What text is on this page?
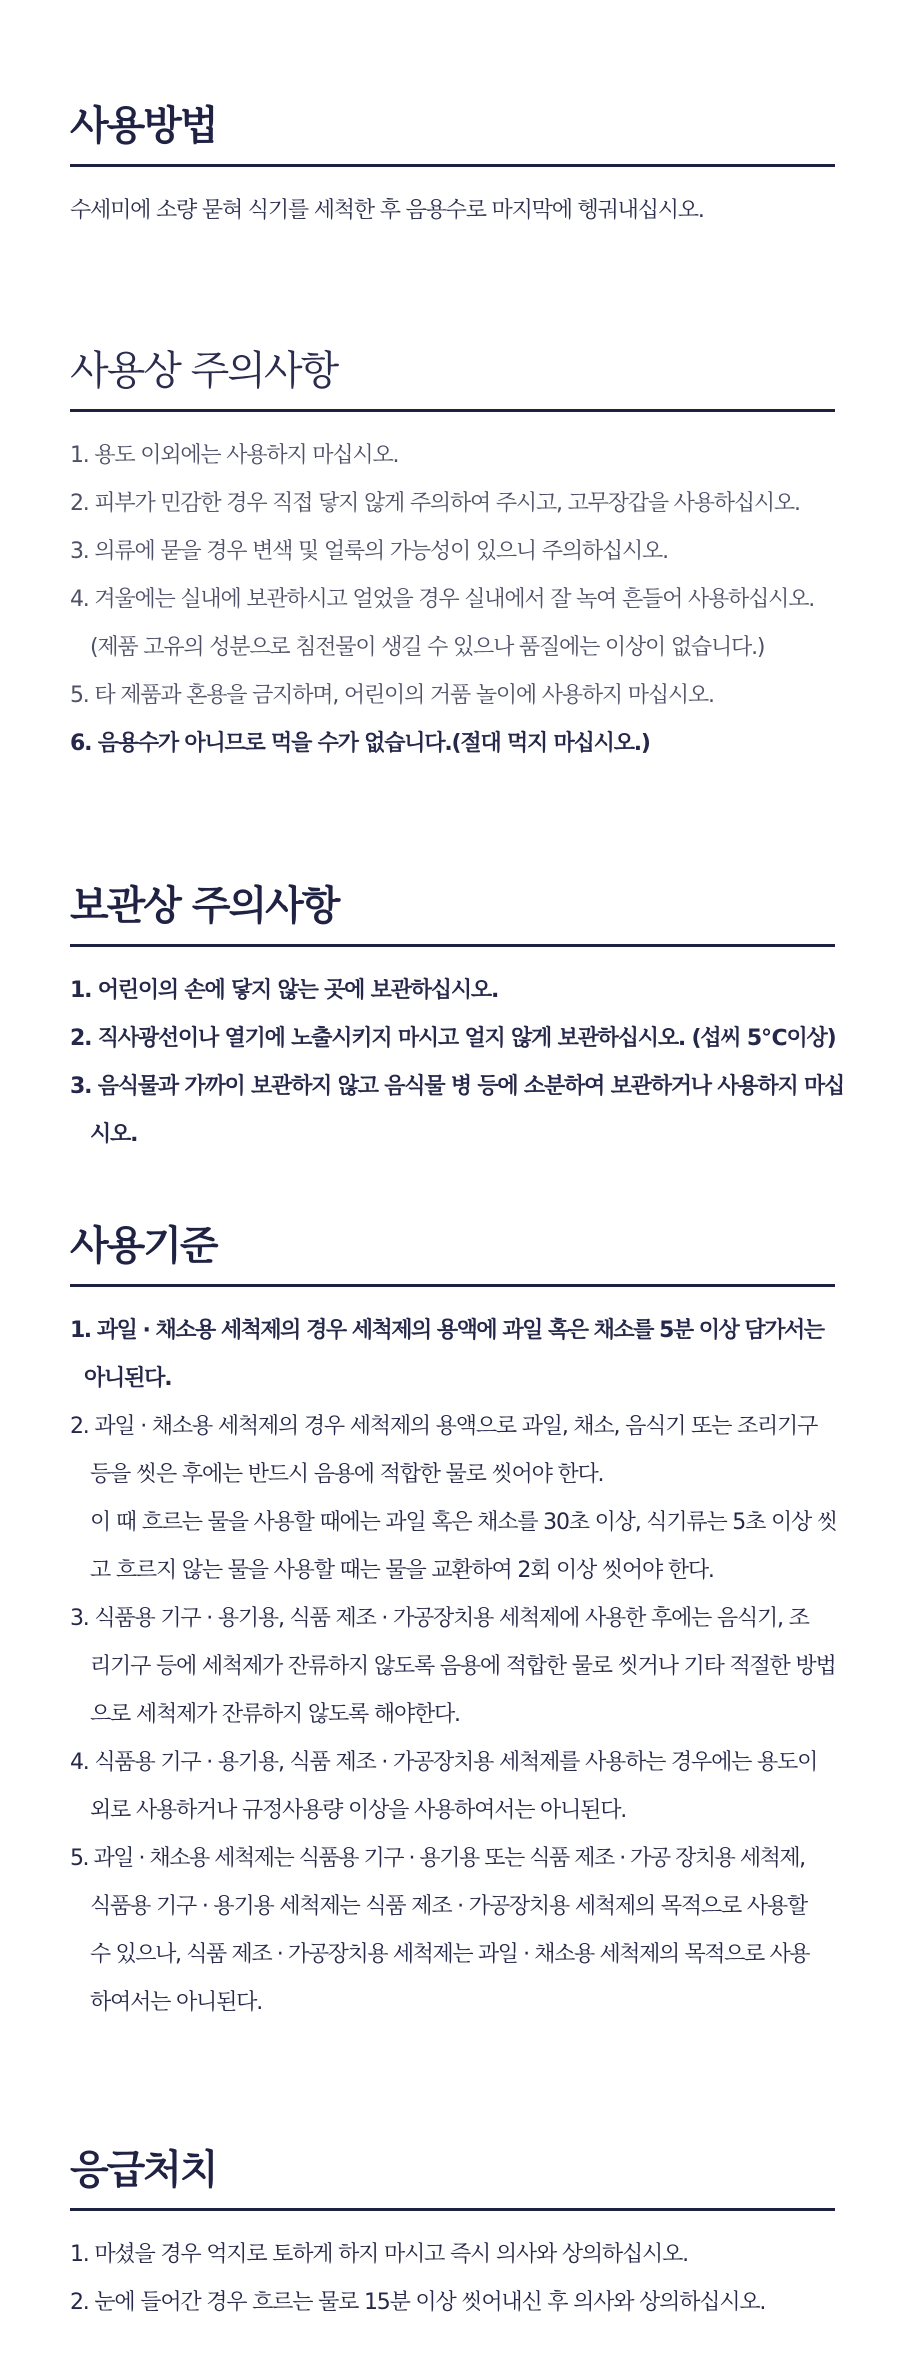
사용방법
수세미에 소량 묻혀 식기를 세척한 후 음용수로 마지막에 헹궈내십시오.
사용상 주의사항
1. 용도 이외에는 사용하지 마십시오.
2. 피부가 민감한 경우 직접 닿지 않게 주의하여 주시고, 고무장갑을 사용하십시오.
3. 의류에 묻을 경우 변색 및 얼룩의 가능성이 있으니 주의하십시오.
4. 겨울에는 실내에 보관하시고 얼었을 경우 실내에서 잘 녹여 흔들어 사용하십시오.
(제품 고유의 성분으로 침전물이 생길 수 있으나 품질에는 이상이 없습니다.)
5. 타 제품과 혼용을 금지하며, 어린이의 거품 놀이에 사용하지 마십시오.
6. 음용수가 아니므로 먹을 수가 없습니다.(절대 먹지 마십시오.)
보관상 주의사항
1. 어린이의 손에 닿지 않는 곳에 보관하십시오.
2. 직사광선이나 열기에 노출시키지 마시고 얼지 않게 보관하십시오. (섭씨 5℃이상)
3. 음식물과 가까이 보관하지 않고 음식물 병 등에 소분하여 보관하거나 사용하지 마십
시오.
사용기준
1. 과일 · 채소용 세척제의 경우 세척제의 용액에 과일 혹은 채소를 5분 이상 담가서는
아니된다.
2. 과일 · 채소용 세척제의 경우 세척제의 용액으로 과일, 채소, 음식기 또는 조리기구
등을 씻은 후에는 반드시 음용에 적합한 물로 씻어야 한다.
이 때 흐르는 물을 사용할 때에는 과일 혹은 채소를 30초 이상, 식기류는 5초 이상 씻
고 흐르지 않는 물을 사용할 때는 물을 교환하여 2회 이상 씻어야 한다.
3. 식품용 기구 · 용기용, 식품 제조 · 가공장치용 세척제에 사용한 후에는 음식기, 조
리기구 등에 세척제가 잔류하지 않도록 음용에 적합한 물로 씻거나 기타 적절한 방법
으로 세척제가 잔류하지 않도록 해야한다.
4. 식품용 기구 · 용기용, 식품 제조 · 가공장치용 세척제를 사용하는 경우에는 용도이
외로 사용하거나 규정사용량 이상을 사용하여서는 아니된다.
5. 과일 · 채소용 세척제는 식품용 기구 · 용기용 또는 식품 제조 · 가공 장치용 세척제,
식품용 기구 · 용기용 세척제는 식품 제조 · 가공장치용 세척제의 목적으로 사용할
수 있으나, 식품 제조 · 가공장치용 세척제는 과일 · 채소용 세척제의 목적으로 사용
하여서는 아니된다.
응급처치
1. 마셨을 경우 억지로 토하게 하지 마시고 즉시 의사와 상의하십시오.
2. 눈에 들어간 경우 흐르는 물로 15분 이상 씻어내신 후 의사와 상의하십시오.
